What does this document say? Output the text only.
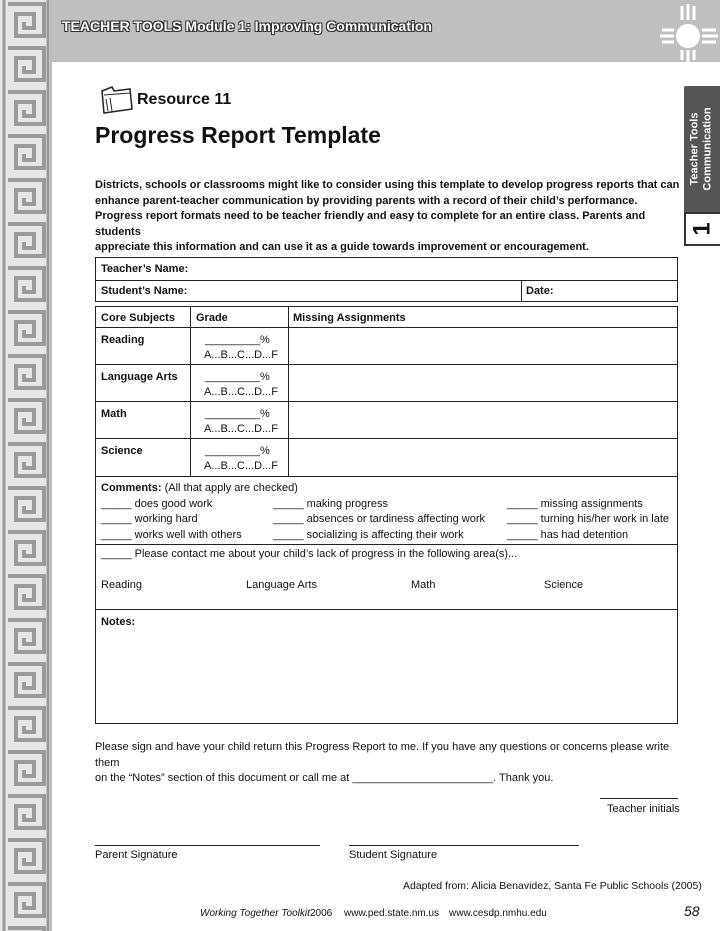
TEACHER TOOLS Module 1: Improving Communication
Teacher Tools Communication
1
Resource 11
Progress Report Template
Districts, schools or classrooms might like to consider using this template to develop progress reports that can
enhance parent-teacher communication by providing parents with a record of their child’s performance.
Progress report formats need to be teacher friendly and easy to complete for an entire class. Parents and students
appreciate this information and can use it as a guide towards improvement or encouragement.
Teacher’s Name:
Student’s Name:	Date:
Core Subjects Grade	Missing Assignments
Reading	_________%
A...B...C...D...F
Language Arts _________%
A...B...C...D...F
Math	_________%
A...B...C...D...F
Science	_________%
A...B...C...D...F
Comments: (All that apply are checked)
_____ does good work	_____ making progress	_____ missing assignments
_____ working hard	_____ absences or tardiness affecting work _____ turning his/her work in late
_____ works well with others	_____ socializing is affecting their work	_____ has had detention
_____ Please contact me about your child’s lack of progress in the following area(s)...
Reading	Language Arts	Math	Science
Notes:
Please sign and have your child return this Progress Report to me. If you have any questions or concerns please write them
on the “Notes” section of this document or call me at _______________________. Thank you.
Teacher initials
Parent Signature	Student Signature
Adapted from: Alicia Benavidez, Santa Fe Public Schools (2005)
Working Together Toolkit 2006 www.ped.state.nm.us www.cesdp.nmhu.edu	58
